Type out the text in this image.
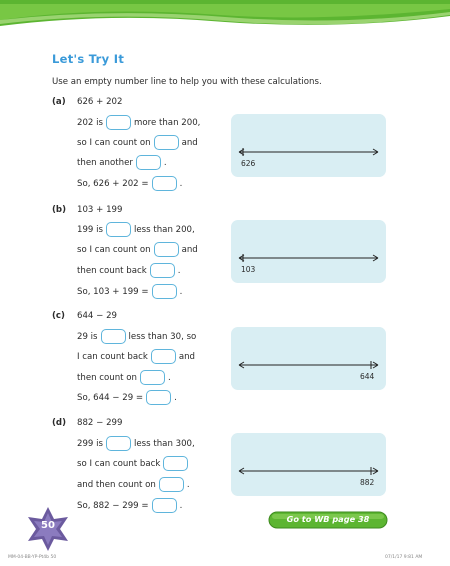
Let's Try It
Use an empty number line to help you with these calculations.
(a) 626 + 202
202 is	more than 200,
so I can count on	and
then another	.
So, 626 + 202 =	.
626
(b) 103 + 199
199 is	less than 200,
so I can count on	and
then count back	.
So, 103 + 199 =	.
103
(c) 644 − 29
29 is	less than 30, so
I can count back	and
then count on	.
So, 644 − 29 =	.
644
(d) 882 − 299
299 is	less than 300,
so I can count back
and then count on	.
So, 882 − 299 =	.
882
50
Go to WB page 38
MM-04-BB-YP-Pt4b 50	07/1/17 9:81 AM
